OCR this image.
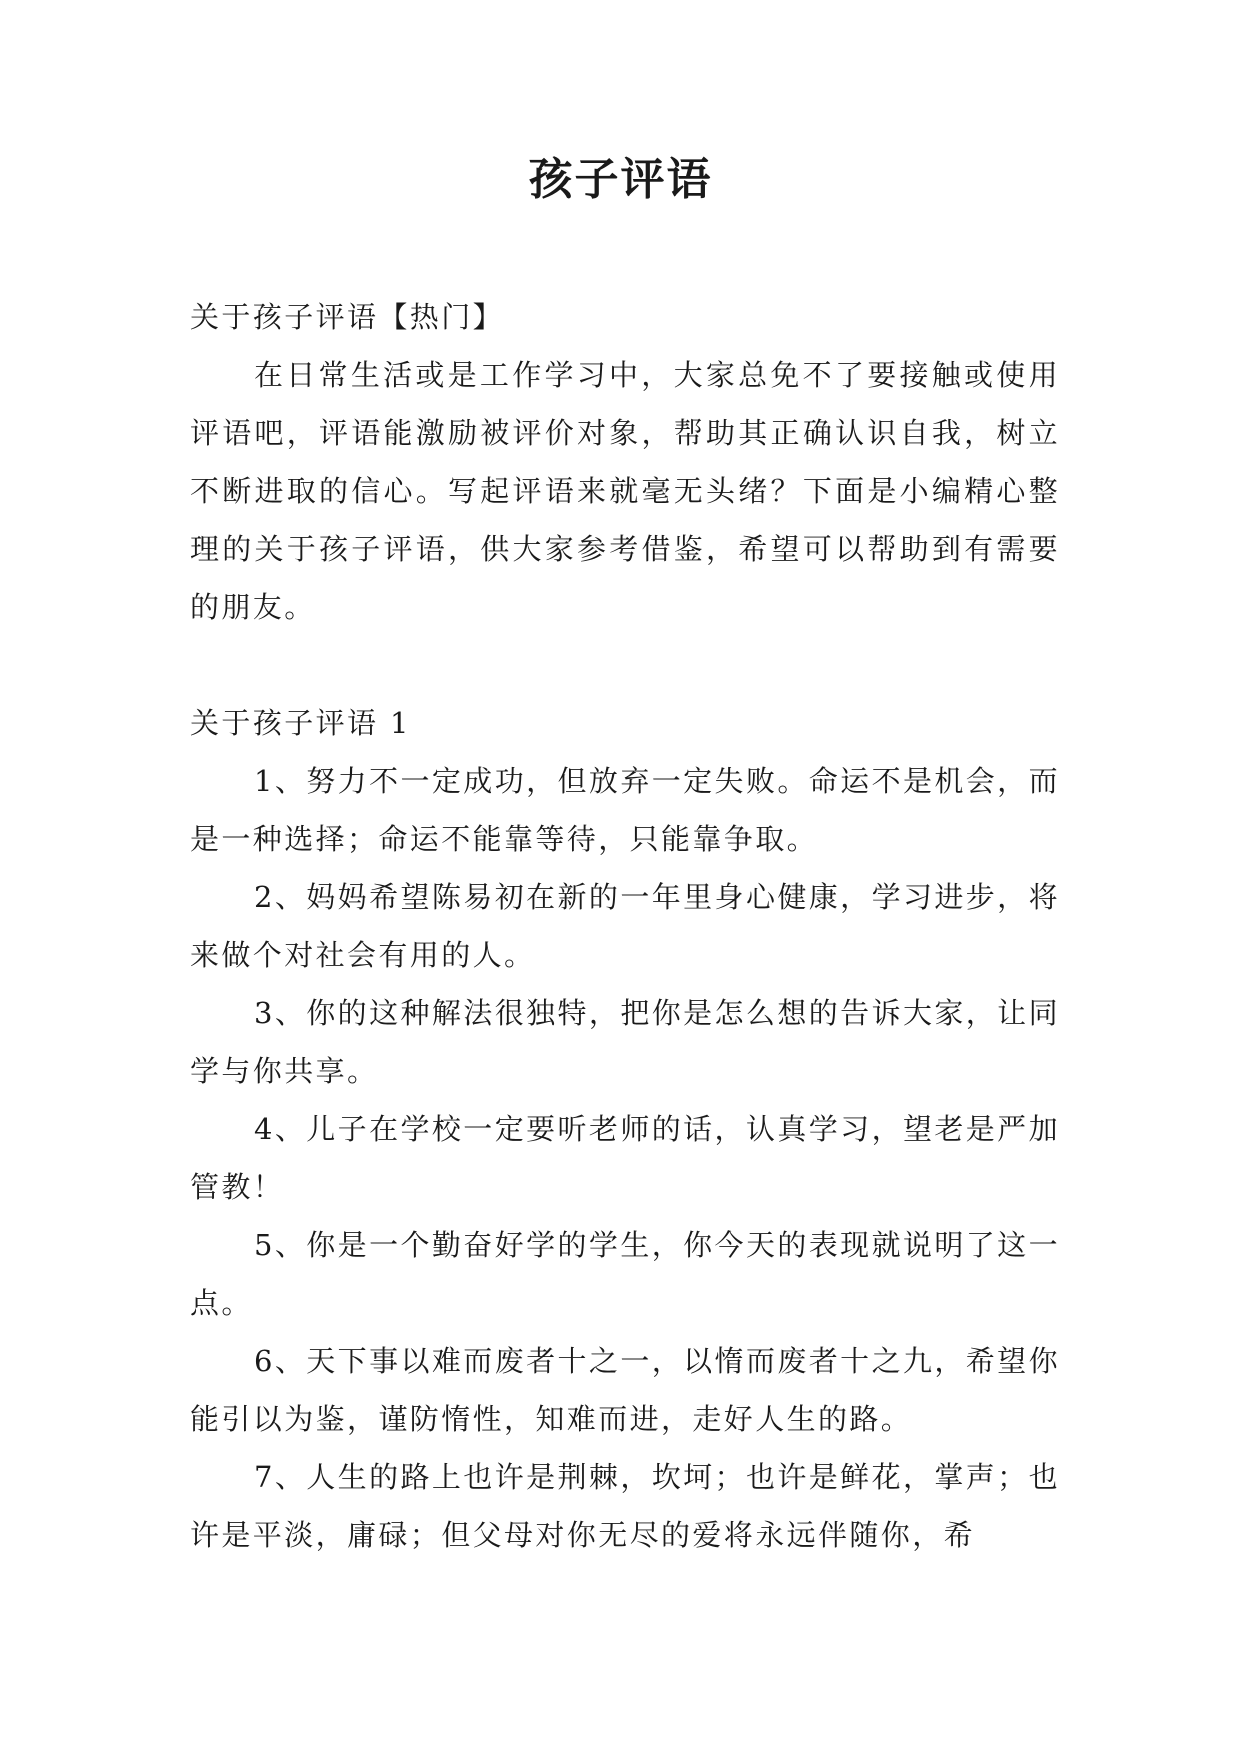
孩子评语

关于孩子评语【热门】

在日常生活或是工作学习中，大家总免不了要接触或使用评语吧，评语能激励被评价对象，帮助其正确认识自我，树立不断进取的信心。写起评语来就毫无头绪？下面是小编精心整理的关于孩子评语，供大家参考借鉴，希望可以帮助到有需要的朋友。

关于孩子评语 1

1、努力不一定成功，但放弃一定失败。命运不是机会，而是一种选择；命运不能靠等待，只能靠争取。

2、妈妈希望陈易初在新的一年里身心健康，学习进步，将来做个对社会有用的人。

3、你的这种解法很独特，把你是怎么想的告诉大家，让同学与你共享。

4、儿子在学校一定要听老师的话，认真学习，望老是严加管教！

5、你是一个勤奋好学的学生，你今天的表现就说明了这一点。

6、天下事以难而废者十之一，以惰而废者十之九，希望你能引以为鉴，谨防惰性，知难而进，走好人生的路。

7、人生的路上也许是荆棘，坎坷；也许是鲜花，掌声；也许是平淡，庸碌；但父母对你无尽的爱将永远伴随你，希
